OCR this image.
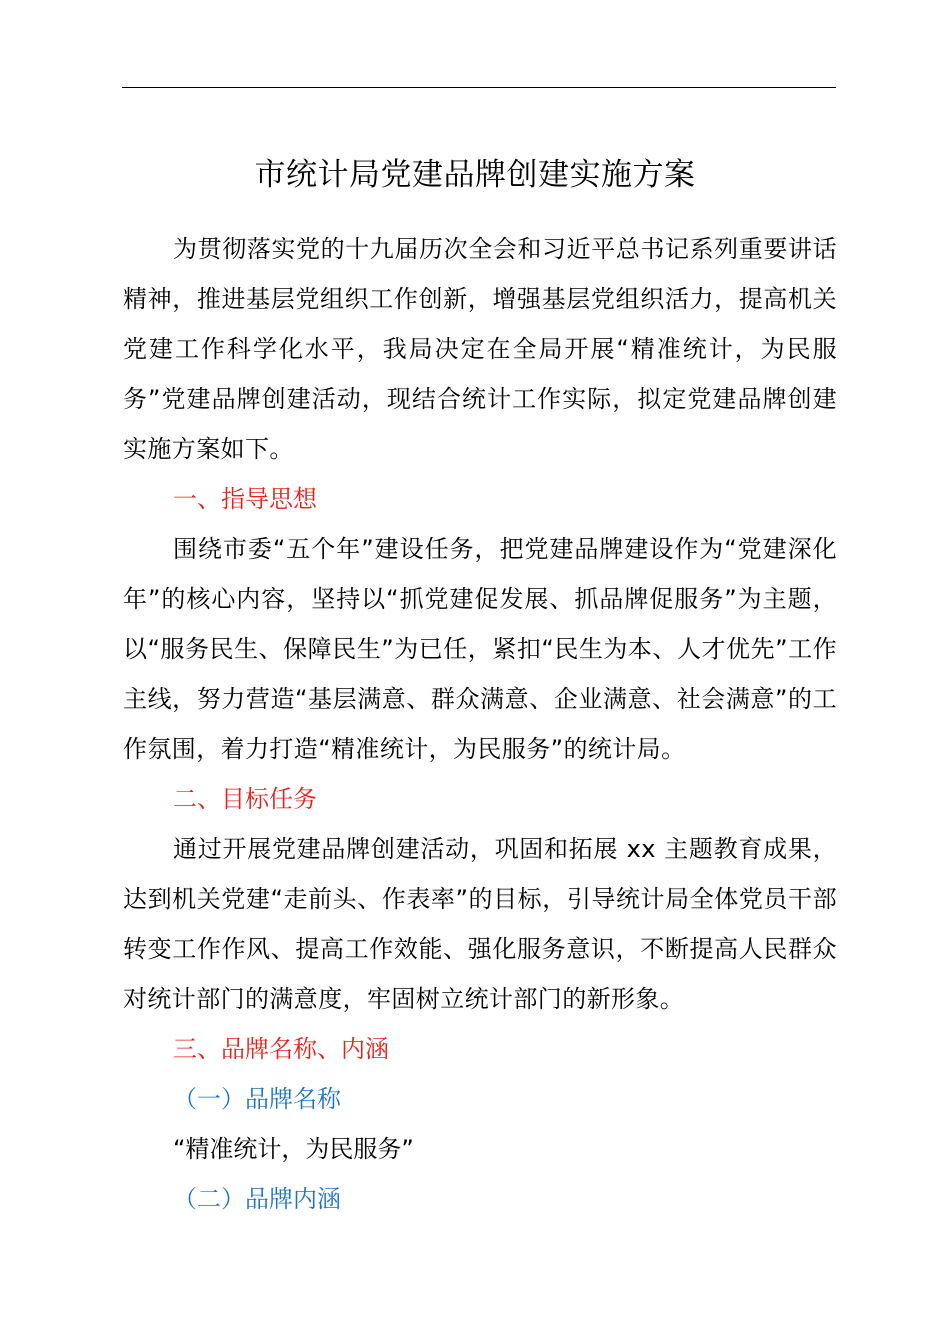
市统计局党建品牌创建实施方案

为贯彻落实党的十九届历次全会和习近平总书记系列重要讲话精神，推进基层党组织工作创新，增强基层党组织活力，提高机关党建工作科学化水平，我局决定在全局开展“精准统计，为民服务”党建品牌创建活动，现结合统计工作实际，拟定党建品牌创建实施方案如下。

一、指导思想

围绕市委“五个年”建设任务，把党建品牌建设作为“党建深化年”的核心内容，坚持以“抓党建促发展、抓品牌促服务”为主题，以“服务民生、保障民生”为已任，紧扣“民生为本、人才优先”工作主线，努力营造“基层满意、群众满意、企业满意、社会满意”的工作氛围，着力打造“精准统计，为民服务”的统计局。

二、目标任务

通过开展党建品牌创建活动，巩固和拓展 xx 主题教育成果，达到机关党建“走前头、作表率”的目标，引导统计局全体党员干部转变工作作风、提高工作效能、强化服务意识，不断提高人民群众对统计部门的满意度，牢固树立统计部门的新形象。

三、品牌名称、内涵

（一）品牌名称

“精准统计，为民服务”

（二）品牌内涵
